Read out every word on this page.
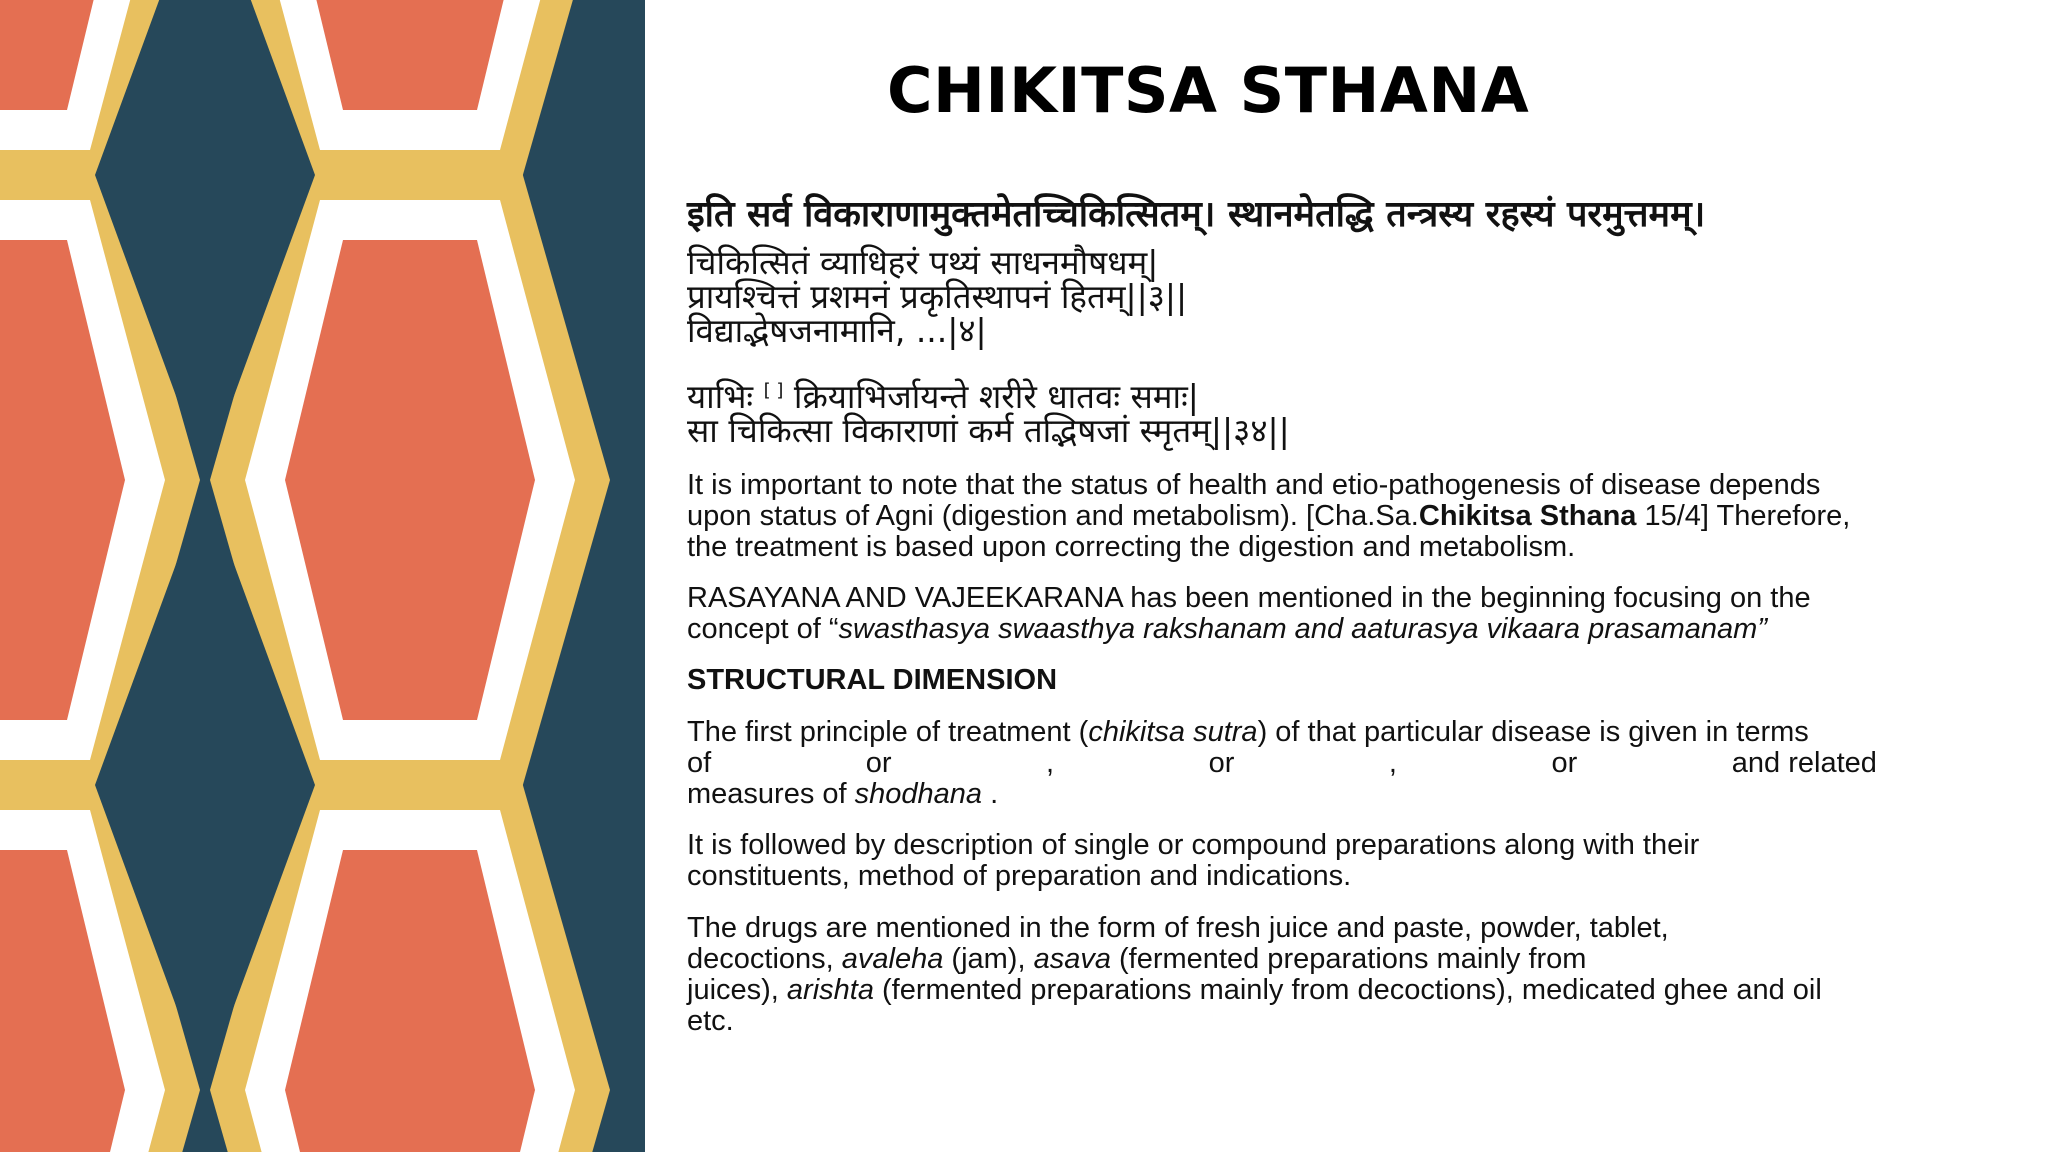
CHIKITSA STHANA
इति सर्व विकाराणामुक्तमेतच्चिकित्सितम्। स्थानमेतद्धि तन्त्रस्य रहस्यं परमुत्तमम्।
चिकित्सितं व्याधिहरं पथ्यं साधनमौषधम्|
प्रायश्चित्तं प्रशमनं प्रकृतिस्थापनं हितम्||३||
विद्याद्भेषजनामानि, ...|४|
याभिः [ ] क्रियाभिर्जायन्ते शरीरे धातवः समाः|
सा चिकित्सा विकाराणां कर्म तद्भिषजां स्मृतम्||३४||
It is important to note that the status of health and etio-pathogenesis of disease depends
upon status of Agni (digestion and metabolism). [Cha.Sa.Chikitsa Sthana 15/4] Therefore,
the treatment is based upon correcting the digestion and metabolism.
RASAYANA AND VAJEEKARANA has been mentioned in the beginning focusing on the
concept of “swasthasya swaasthya rakshanam and aaturasya vikaara prasamanam”
STRUCTURAL DIMENSION
The first principle of treatment (chikitsa sutra) of that particular disease is given in terms
of	or	,	or	,	or	and related
measures of shodhana .
It is followed by description of single or compound preparations along with their
constituents, method of preparation and indications.
The drugs are mentioned in the form of fresh juice and paste, powder, tablet,
decoctions, avaleha (jam), asava (fermented preparations mainly from
juices), arishta (fermented preparations mainly from decoctions), medicated ghee and oil
etc.
